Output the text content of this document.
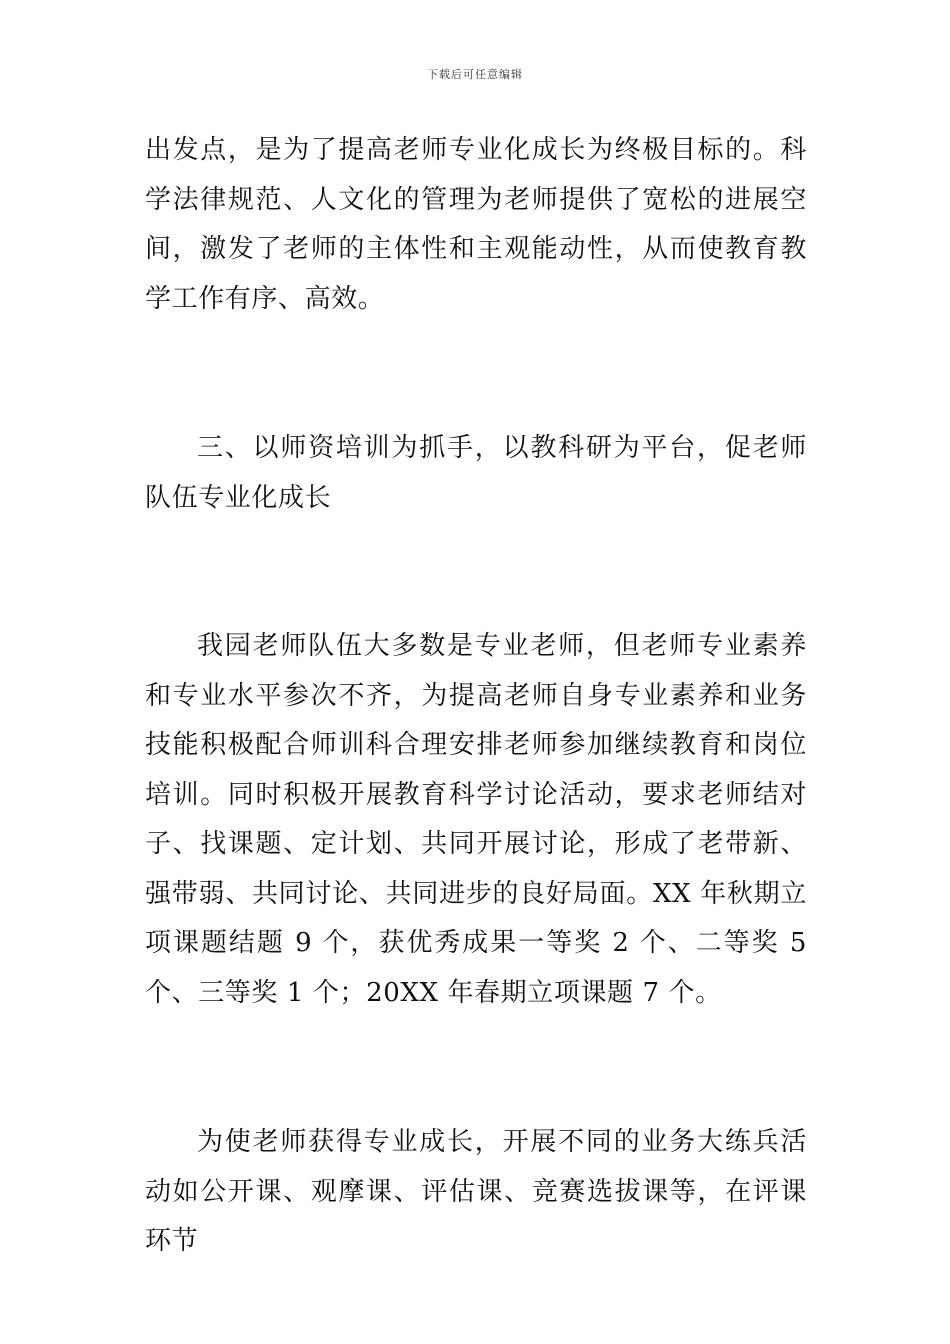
下载后可任意编辑

出发点，是为了提高老师专业化成长为终极目标的。科学法律规范、人文化的管理为老师提供了宽松的进展空间，激发了老师的主体性和主观能动性，从而使教育教学工作有序、高效。

三、以师资培训为抓手，以教科研为平台，促老师队伍专业化成长

我园老师队伍大多数是专业老师，但老师专业素养和专业水平参次不齐，为提高老师自身专业素养和业务技能积极配合师训科合理安排老师参加继续教育和岗位培训。同时积极开展教育科学讨论活动，要求老师结对子、找课题、定计划、共同开展讨论，形成了老带新、强带弱、共同讨论、共同进步的良好局面。XX 年秋期立项课题结题 9 个，获优秀成果一等奖 2 个、二等奖 5 个、三等奖 1 个；20XX 年春期立项课题 7 个。

为使老师获得专业成长，开展不同的业务大练兵活动如公开课、观摩课、评估课、竞赛选拔课等，在评课环节
